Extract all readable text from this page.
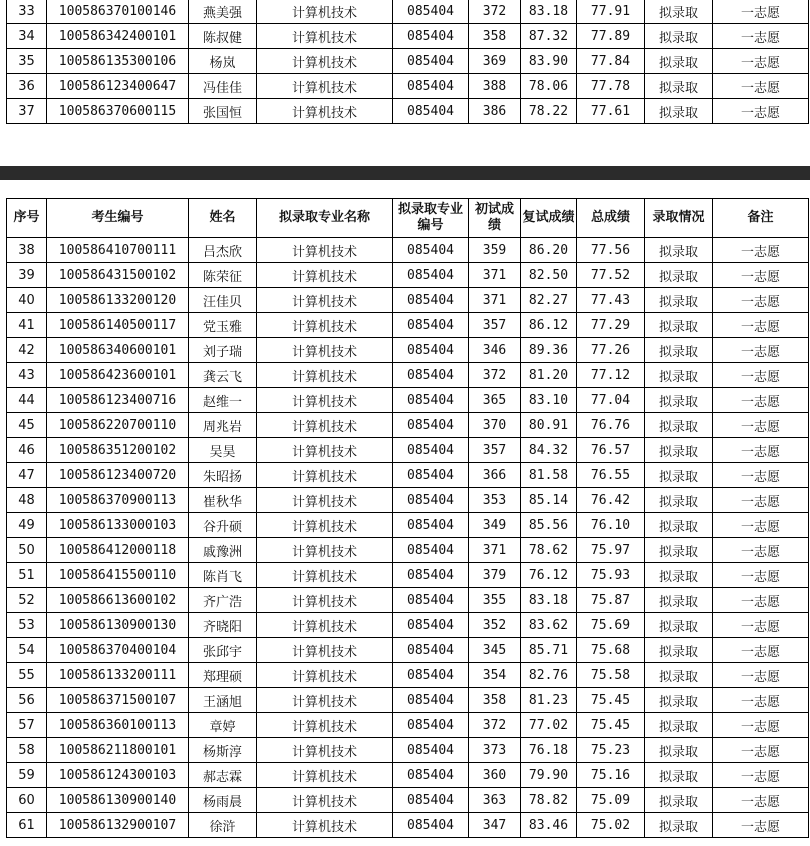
33	100586370100146	燕美强	计算机技术	085404	372	83.18	77.91	拟录取	一志愿
34	100586342400101	陈叔健	计算机技术	085404	358	87.32	77.89	拟录取	一志愿
35	100586135300106	杨岚	计算机技术	085404	369	83.90	77.84	拟录取	一志愿
36	100586123400647	冯佳佳	计算机技术	085404	388	78.06	77.78	拟录取	一志愿
37	100586370600115	张国恒	计算机技术	085404	386	78.22	77.61	拟录取	一志愿
序号	考生编号	姓名	拟录取专业名称	拟录取专业编号	初试成绩	复试成绩	总成绩	录取情况	备注
38	100586410700111	吕杰欣	计算机技术	085404	359	86.20	77.56	拟录取	一志愿
39	100586431500102	陈荣征	计算机技术	085404	371	82.50	77.52	拟录取	一志愿
40	100586133200120	汪佳贝	计算机技术	085404	371	82.27	77.43	拟录取	一志愿
41	100586140500117	党玉雅	计算机技术	085404	357	86.12	77.29	拟录取	一志愿
42	100586340600101	刘子瑞	计算机技术	085404	346	89.36	77.26	拟录取	一志愿
43	100586423600101	龚云飞	计算机技术	085404	372	81.20	77.12	拟录取	一志愿
44	100586123400716	赵维一	计算机技术	085404	365	83.10	77.04	拟录取	一志愿
45	100586220700110	周兆岩	计算机技术	085404	370	80.91	76.76	拟录取	一志愿
46	100586351200102	吴昊	计算机技术	085404	357	84.32	76.57	拟录取	一志愿
47	100586123400720	朱昭扬	计算机技术	085404	366	81.58	76.55	拟录取	一志愿
48	100586370900113	崔秋华	计算机技术	085404	353	85.14	76.42	拟录取	一志愿
49	100586133000103	谷升硕	计算机技术	085404	349	85.56	76.10	拟录取	一志愿
50	100586412000118	戚豫洲	计算机技术	085404	371	78.62	75.97	拟录取	一志愿
51	100586415500110	陈肖飞	计算机技术	085404	379	76.12	75.93	拟录取	一志愿
52	100586613600102	齐广浩	计算机技术	085404	355	83.18	75.87	拟录取	一志愿
53	100586130900130	齐晓阳	计算机技术	085404	352	83.62	75.69	拟录取	一志愿
54	100586370400104	张邱宇	计算机技术	085404	345	85.71	75.68	拟录取	一志愿
55	100586133200111	郑理硕	计算机技术	085404	354	82.76	75.58	拟录取	一志愿
56	100586371500107	王涵旭	计算机技术	085404	358	81.23	75.45	拟录取	一志愿
57	100586360100113	章婷	计算机技术	085404	372	77.02	75.45	拟录取	一志愿
58	100586211800101	杨斯淳	计算机技术	085404	373	76.18	75.23	拟录取	一志愿
59	100586124300103	郝志霖	计算机技术	085404	360	79.90	75.16	拟录取	一志愿
60	100586130900140	杨雨晨	计算机技术	085404	363	78.82	75.09	拟录取	一志愿
61	100586132900107	徐浒	计算机技术	085404	347	83.46	75.02	拟录取	一志愿
